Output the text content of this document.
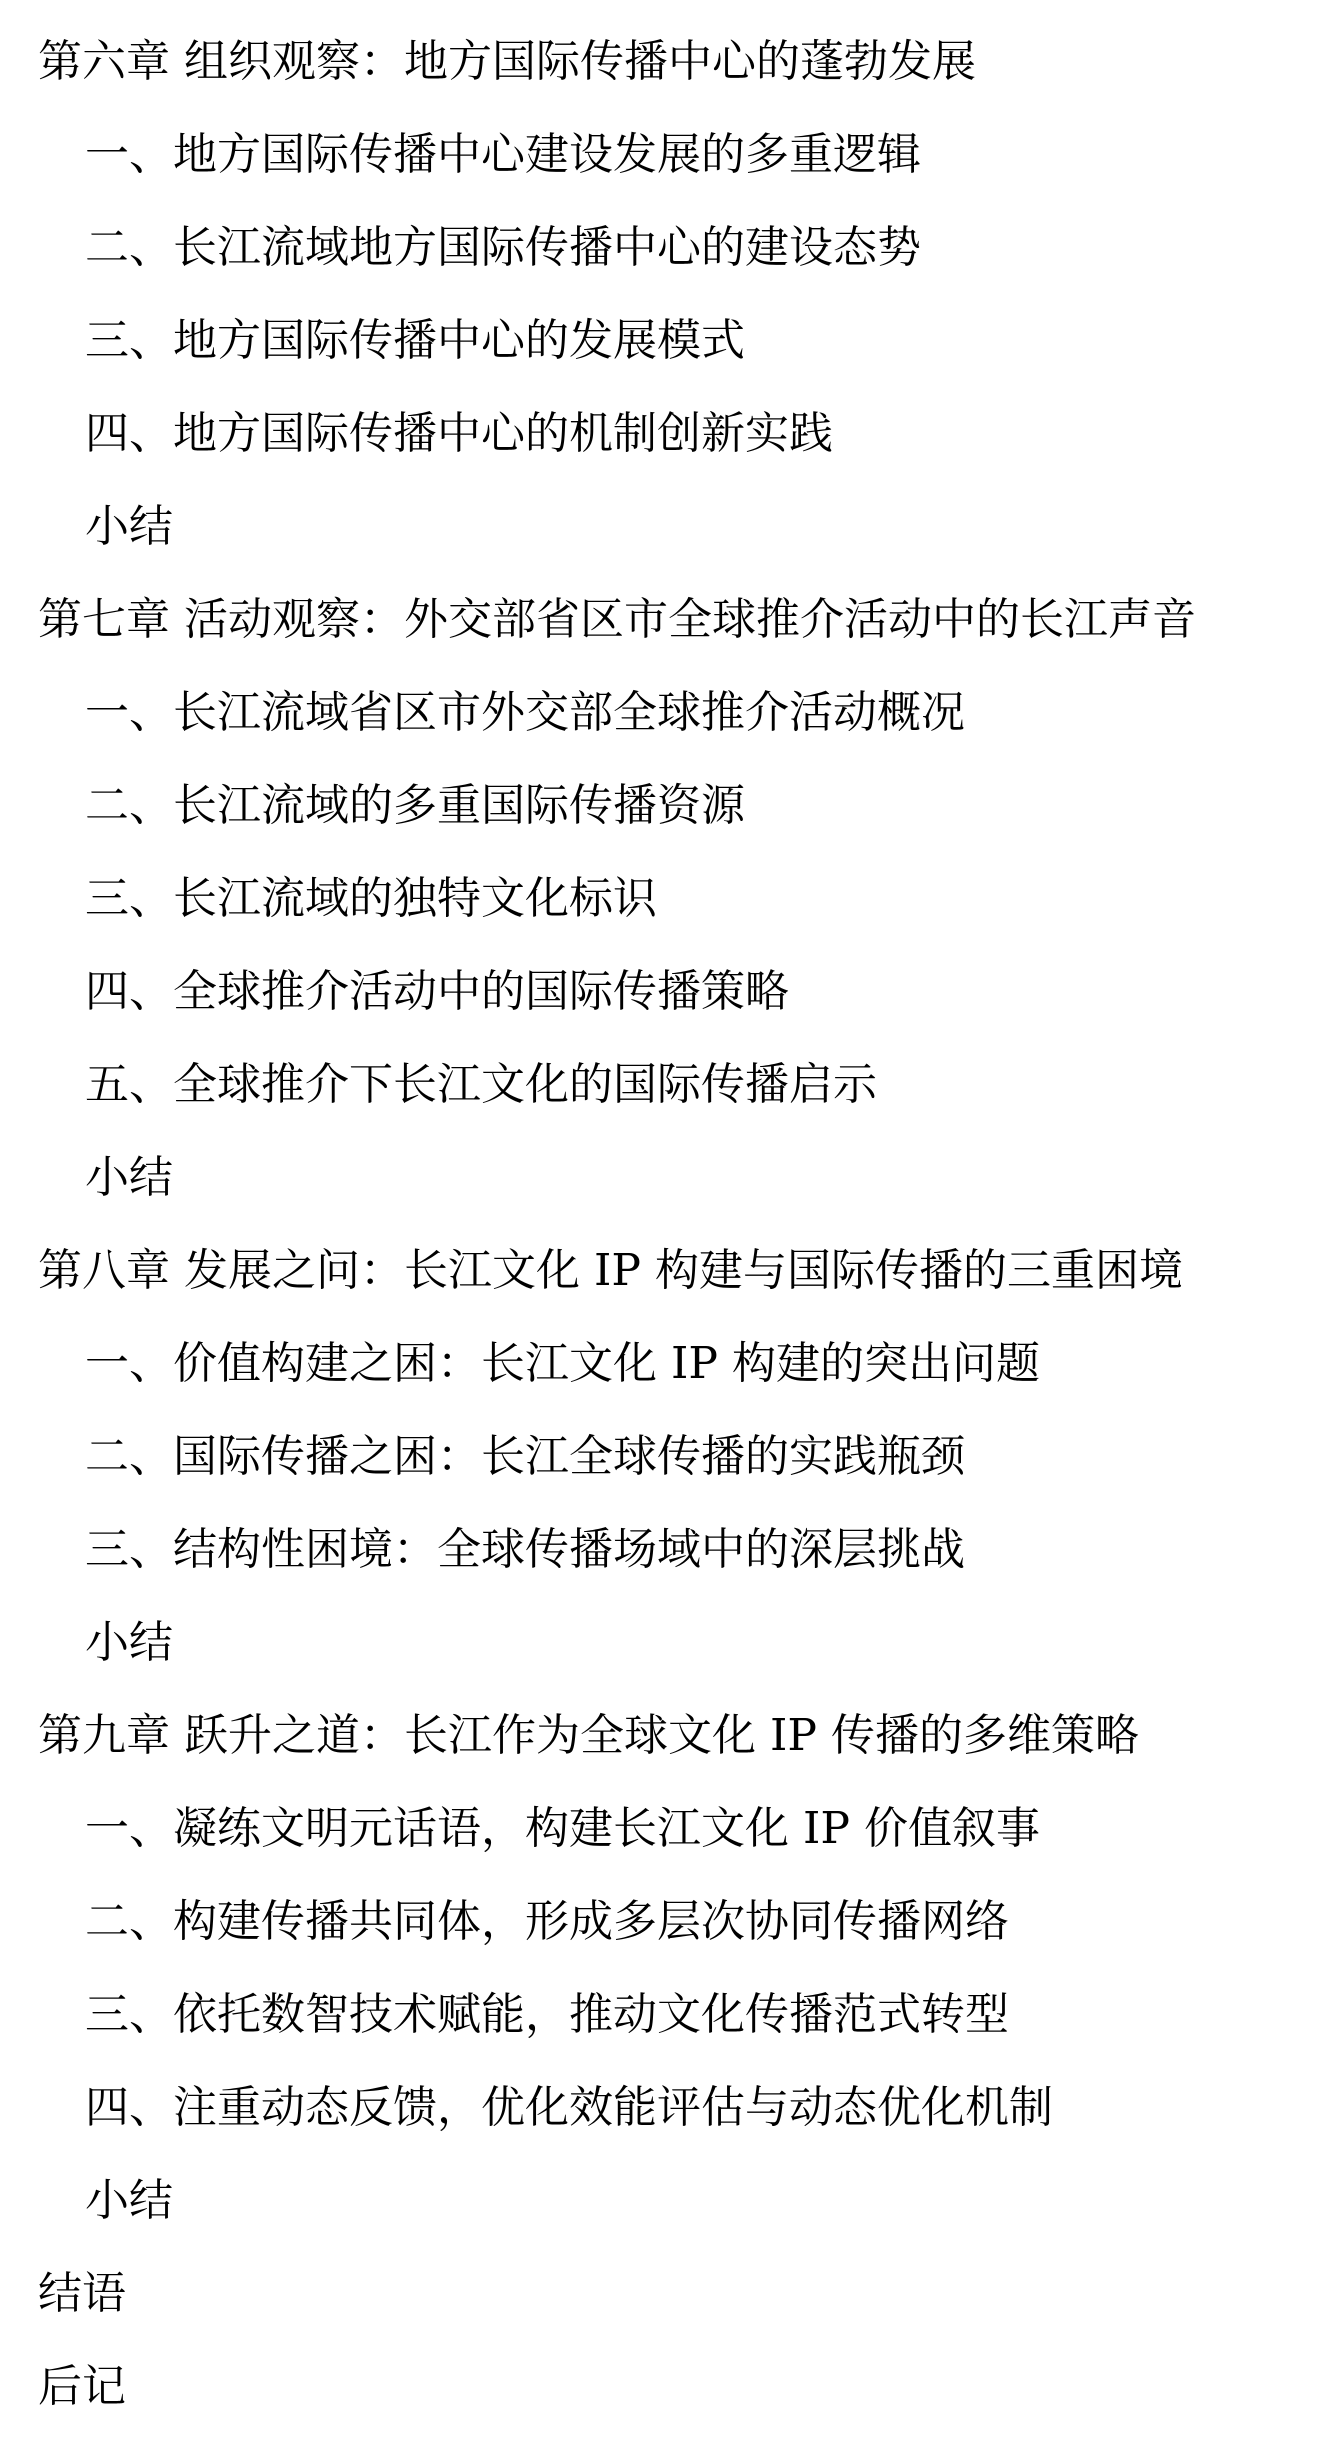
第六章 组织观察：地方国际传播中心的蓬勃发展
一、地方国际传播中心建设发展的多重逻辑
二、长江流域地方国际传播中心的建设态势
三、地方国际传播中心的发展模式
四、地方国际传播中心的机制创新实践
小结
第七章 活动观察：外交部省区市全球推介活动中的长江声音
一、长江流域省区市外交部全球推介活动概况
二、长江流域的多重国际传播资源
三、长江流域的独特文化标识
四、全球推介活动中的国际传播策略
五、全球推介下长江文化的国际传播启示
小结
第八章 发展之问：长江文化 IP 构建与国际传播的三重困境
一、价值构建之困：长江文化 IP 构建的突出问题
二、国际传播之困：长江全球传播的实践瓶颈
三、结构性困境：全球传播场域中的深层挑战
小结
第九章 跃升之道：长江作为全球文化 IP 传播的多维策略
一、凝练文明元话语，构建长江文化 IP 价值叙事
二、构建传播共同体，形成多层次协同传播网络
三、依托数智技术赋能，推动文化传播范式转型
四、注重动态反馈，优化效能评估与动态优化机制
小结
结语
后记
